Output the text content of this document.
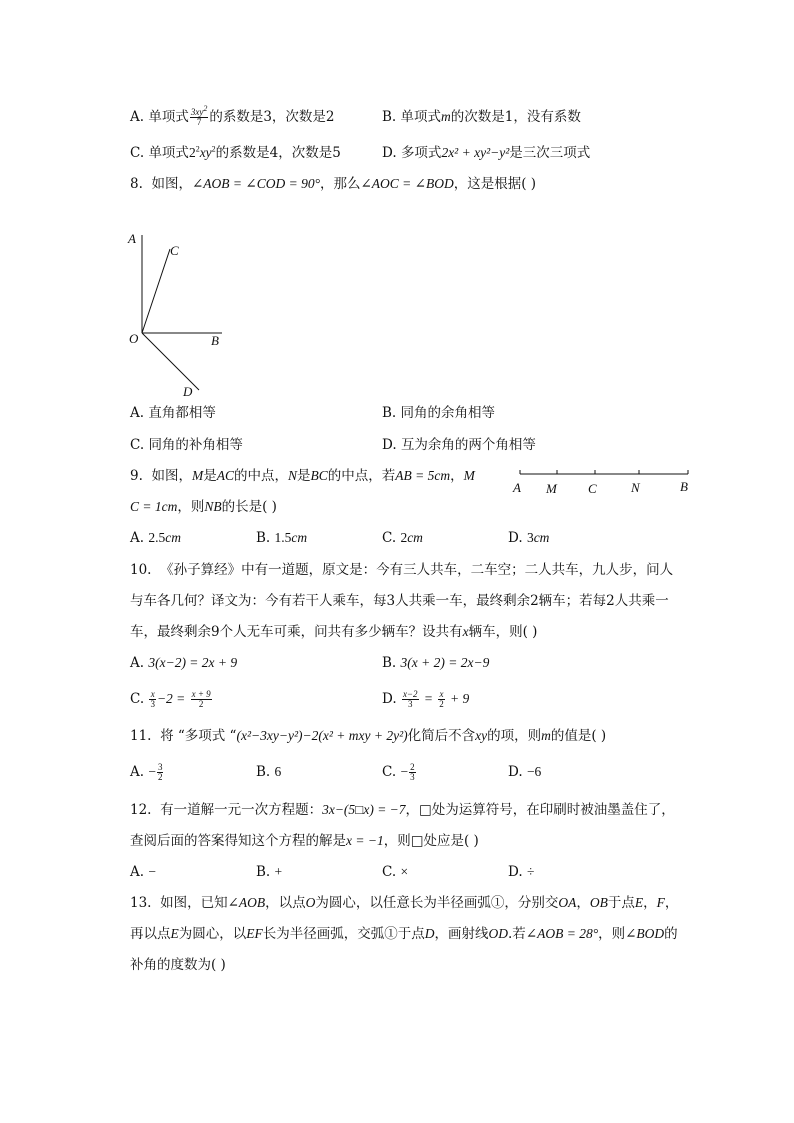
A. 单项式 $\frac{3xy^2}{7}$ 的系数是3，次数是2	B. 单项式m的次数是1，没有系数
C. 单项式$2^2xy^2$的系数是4，次数是5	D. 多项式2x² + xy²−y²是三次三项式
8. 如图，∠AOB = ∠COD = 90°，那么∠AOC = ∠BOD，这是根据( )
A
C
O	B
D
A. 直角都相等	B. 同角的余角相等
C. 同角的补角相等	D. 互为余角的两个角相等
9. 如图，M是AC的中点，N是BC的中点，若AB = 5cm，M
C = 1cm，则NB的长是( )
A M C	N	B
A. 2.5cm	B. 1.5cm	C. 2cm	D. 3cm
10. 《孙子算经》中有一道题，原文是：今有三人共车，二车空；二人共车，九人步，问人
与车各几何？译文为：今有若干人乘车，每3人共乘一车，最终剩余2辆车；若每2人共乘一
车，最终剩余9个人无车可乘，问共有多少辆车？设共有x辆车，则( )
A. 3(x−2) = 2x + 9	B. 3(x + 2) = 2x−9
C. $\frac{x}{3} -2 = \frac{x + 9}{2}$	D. $\frac{x-2}{3} = \frac{x}{2} + 9$
11. 将 “多项式 “(x²−3xy−y²)−2(x² + mxy + 2y²)化简后不含xy的项，则m的值是( )
A. − $\frac{3}{2}$	B. 6	C. − $\frac{2}{3}$	D. −6
12. 有一道解一元一次方程题：3x−(5□x) = −7，□处为运算符号，在印刷时被油墨盖住了，
查阅后面的答案得知这个方程的解是x = −1，则□处应是( )
A. −	B. +	C. ×	D. ÷
13. 如图，已知∠AOB，以点O为圆心，以任意长为半径画弧①，分别交OA，OB于点E，F，
再以点E为圆心，以EF长为半径画弧，交弧①于点D，画射线OD.若∠AOB = 28°，则∠BOD的
补角的度数为( )
